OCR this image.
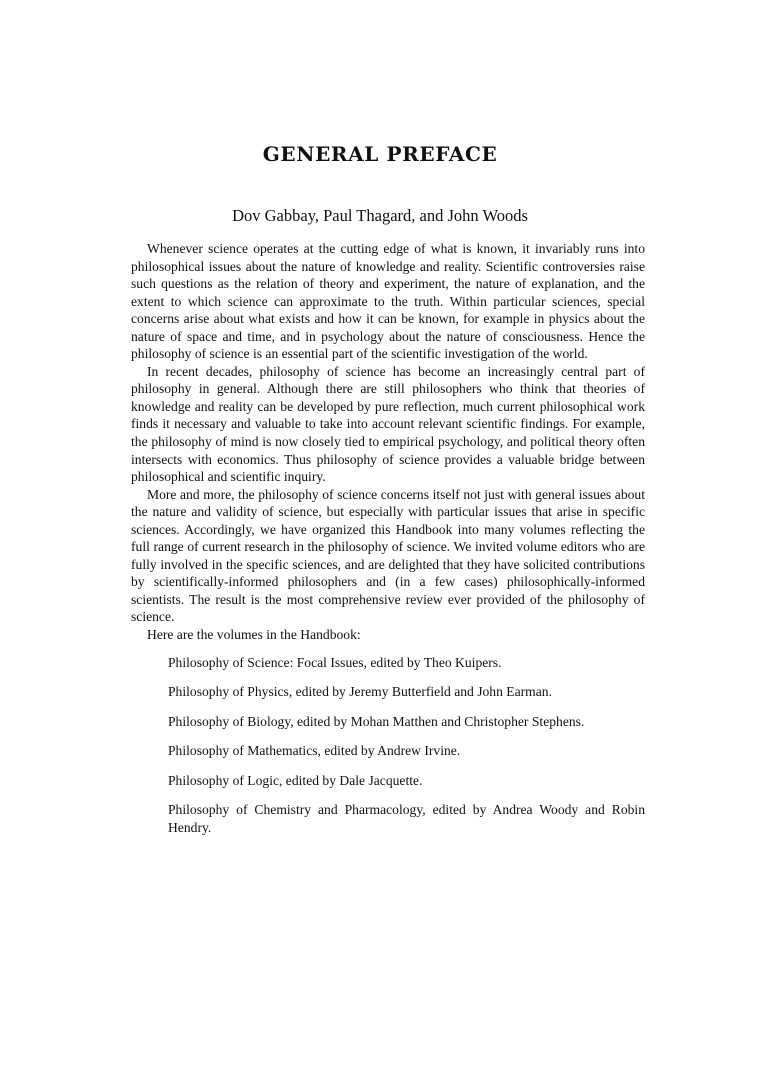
GENERAL PREFACE
Dov Gabbay, Paul Thagard, and John Woods

Whenever science operates at the cutting edge of what is known, it invariably runs into philosophical issues about the nature of knowledge and reality. Scientific controversies raise such questions as the relation of theory and experiment, the nature of explanation, and the extent to which science can approximate to the truth. Within particular sciences, special concerns arise about what exists and how it can be known, for example in physics about the nature of space and time, and in psychology about the nature of consciousness. Hence the philosophy of science is an essential part of the scientific investigation of the world.

In recent decades, philosophy of science has become an increasingly central part of philosophy in general. Although there are still philosophers who think that theories of knowledge and reality can be developed by pure reflection, much current philosophical work finds it necessary and valuable to take into account relevant scientific findings. For example, the philosophy of mind is now closely tied to empirical psychology, and political theory often intersects with economics. Thus philosophy of science provides a valuable bridge between philosophical and scientific inquiry.

More and more, the philosophy of science concerns itself not just with general issues about the nature and validity of science, but especially with particular issues that arise in specific sciences. Accordingly, we have organized this Handbook into many volumes reflecting the full range of current research in the philosophy of science. We invited volume editors who are fully involved in the specific sciences, and are delighted that they have solicited contributions by scientifically-informed philosophers and (in a few cases) philosophically-informed scientists. The result is the most comprehensive review ever provided of the philosophy of science.

Here are the volumes in the Handbook:

Philosophy of Science: Focal Issues, edited by Theo Kuipers.
Philosophy of Physics, edited by Jeremy Butterfield and John Earman.
Philosophy of Biology, edited by Mohan Matthen and Christopher Stephens.
Philosophy of Mathematics, edited by Andrew Irvine.
Philosophy of Logic, edited by Dale Jacquette.
Philosophy of Chemistry and Pharmacology, edited by Andrea Woody and Robin Hendry.
